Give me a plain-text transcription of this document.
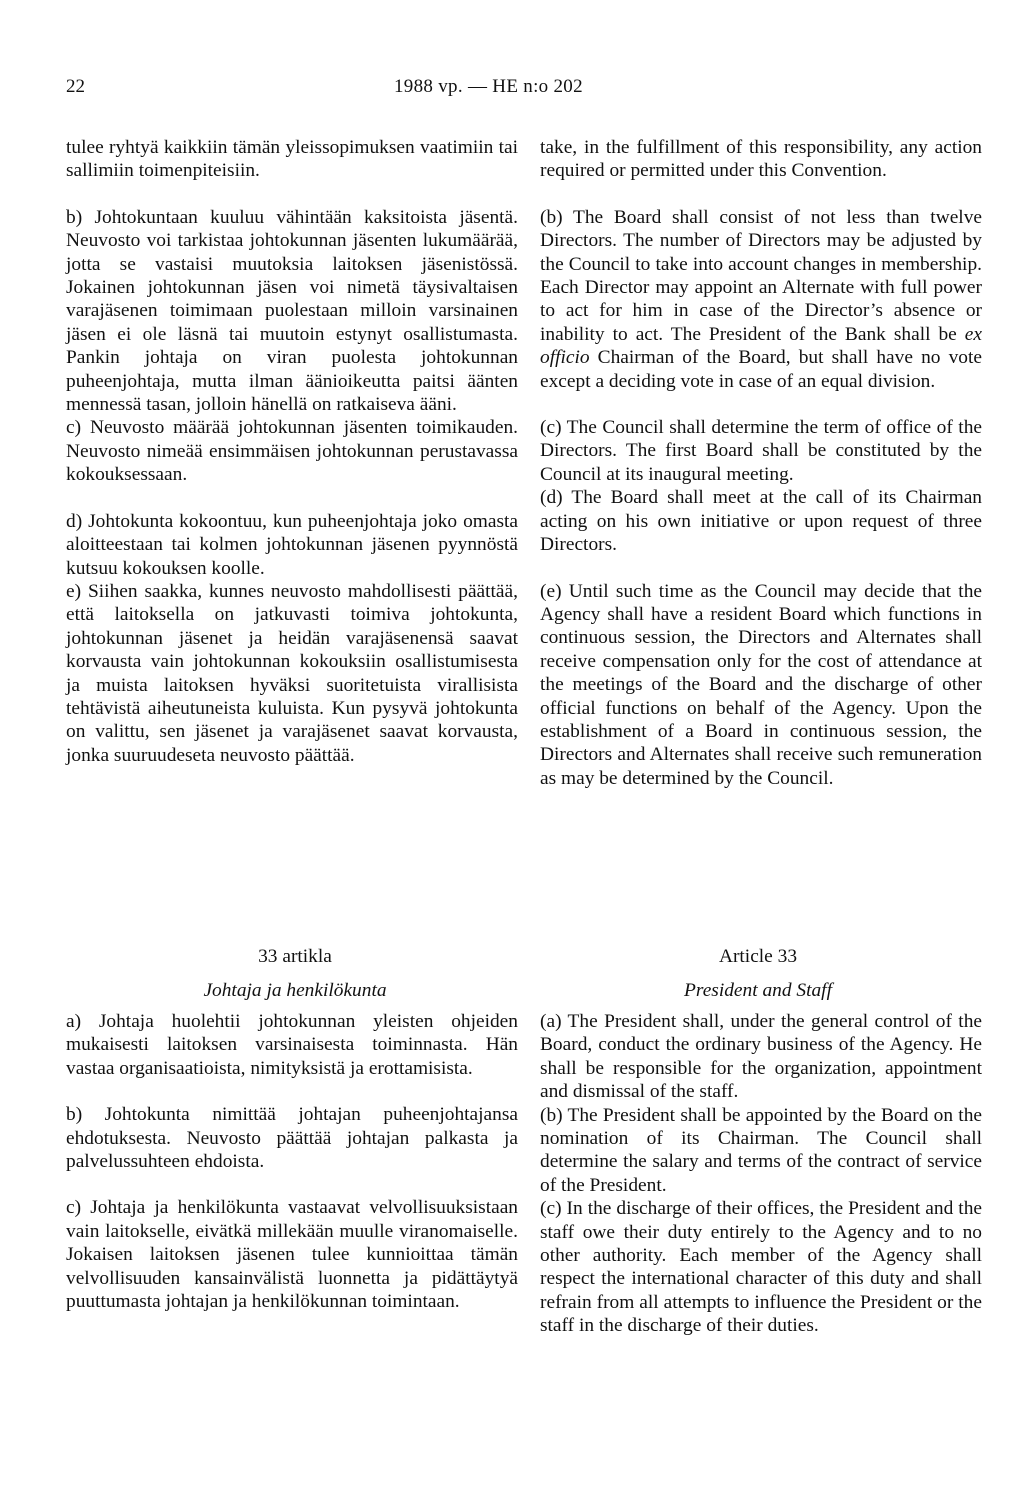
22	1988 vp. — HE n:o 202

tulee ryhtyä kaikkiin tämän yleissopimuksen vaatimiin tai sallimiin toimenpiteisiin.

b) Johtokuntaan kuuluu vähintään kaksitoista jäsentä. Neuvosto voi tarkistaa johtokunnan jäsenten lukumäärää, jotta se vastaisi muutoksia laitoksen jäsenistössä. Jokainen johtokunnan jäsen voi nimetä täysivaltaisen varajäsenen toimimaan puolestaan milloin varsinainen jäsen ei ole läsnä tai muutoin estynyt osallistumasta. Pankin johtaja on viran puolesta johtokunnan puheenjohtaja, mutta ilman äänioikeutta paitsi äänten mennessä tasan, jolloin hänellä on ratkaiseva ääni.

c) Neuvosto määrää johtokunnan jäsenten toimikauden. Neuvosto nimeää ensimmäisen johtokunnan perustavassa kokouksessaan.

d) Johtokunta kokoontuu, kun puheenjohtaja joko omasta aloitteestaan tai kolmen johtokunnan jäsenen pyynnöstä kutsuu kokouksen koolle.

e) Siihen saakka, kunnes neuvosto mahdollisesti päättää, että laitoksella on jatkuvasti toimiva johtokunta, johtokunnan jäsenet ja heidän varajäsenensä saavat korvausta vain johtokunnan kokouksiin osallistumisesta ja muista laitoksen hyväksi suoritetuista virallisista tehtävistä aiheutuneista kuluista. Kun pysyvä johtokunta on valittu, sen jäsenet ja varajäsenet saavat korvausta, jonka suuruudeseta neuvosto päättää.

take, in the fulfillment of this responsibility, any action required or permitted under this Convention.

(b) The Board shall consist of not less than twelve Directors. The number of Directors may be adjusted by the Council to take into account changes in membership. Each Director may appoint an Alternate with full power to act for him in case of the Director’s absence or inability to act. The President of the Bank shall be ex officio Chairman of the Board, but shall have no vote except a deciding vote in case of an equal division.

(c) The Council shall determine the term of office of the Directors. The first Board shall be constituted by the Council at its inaugural meeting.

(d) The Board shall meet at the call of its Chairman acting on his own initiative or upon request of three Directors.

(e) Until such time as the Council may decide that the Agency shall have a resident Board which functions in continuous session, the Directors and Alternates shall receive compensation only for the cost of attendance at the meetings of the Board and the discharge of other official functions on behalf of the Agency. Upon the establishment of a Board in continuous session, the Directors and Alternates shall receive such remuneration as may be determined by the Council.

33 artikla
Johtaja ja henkilökunta
Article 33
President and Staff

a) Johtaja huolehtii johtokunnan yleisten ohjeiden mukaisesti laitoksen varsinaisesta toiminnasta. Hän vastaa organisaatioista, nimityksistä ja erottamisista.

b) Johtokunta nimittää johtajan puheenjohtajansa ehdotuksesta. Neuvosto päättää johtajan palkasta ja palvelussuhteen ehdoista.

c) Johtaja ja henkilökunta vastaavat velvollisuuksistaan vain laitokselle, eivätkä millekään muulle viranomaiselle. Jokaisen laitoksen jäsenen tulee kunnioittaa tämän velvollisuuden kansainvälistä luonnetta ja pidättäytyä puuttumasta johtajan ja henkilökunnan toimintaan.

(a) The President shall, under the general control of the Board, conduct the ordinary business of the Agency. He shall be responsible for the organization, appointment and dismissal of the staff.

(b) The President shall be appointed by the Board on the nomination of its Chairman. The Council shall determine the salary and terms of the contract of service of the President.

(c) In the discharge of their offices, the President and the staff owe their duty entirely to the Agency and to no other authority. Each member of the Agency shall respect the international character of this duty and shall refrain from all attempts to influence the President or the staff in the discharge of their duties.
